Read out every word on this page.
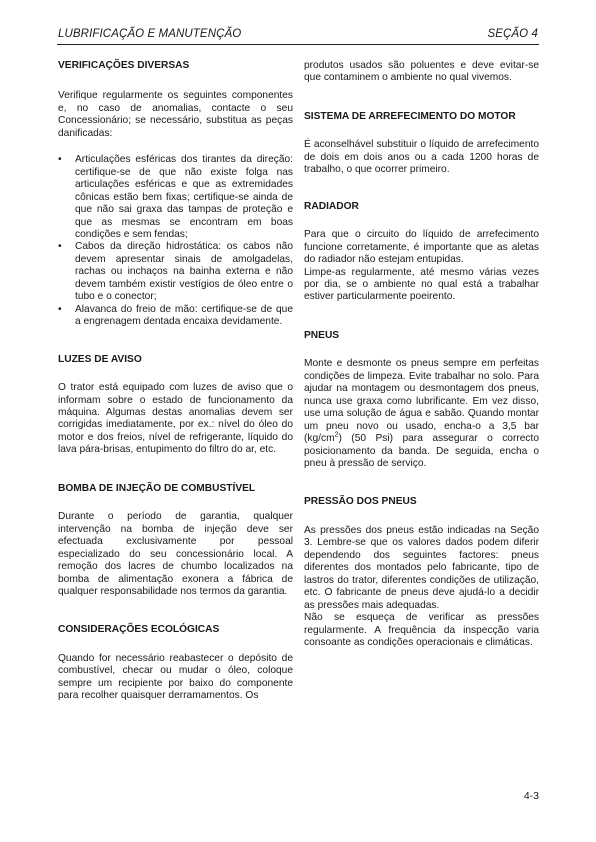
LUBRIFICAÇÃO E MANUTENÇÃO	SEÇÃO 4
VERIFICAÇÕES DIVERSAS

Verifique regularmente os seguintes componentes e, no caso de anomalias, contacte o seu Concessionário; se necessário, substitua as peças danificadas:

• Articulações esféricas dos tirantes da direção: certifique-se de que não existe folga nas articulações esféricas e que as extremidades cônicas estão bem fixas; certifique-se ainda de que não sai graxa das tampas de proteção e que as mesmas se encontram em boas condições e sem fendas;
• Cabos da direção hidrostática: os cabos não devem apresentar sinais de amolgadelas, rachas ou inchaços na bainha externa e não devem também existir vestígios de óleo entre o tubo e o conector;
• Alavanca do freio de mão: certifique-se de que a engrenagem dentada encaixa devidamente.
LUZES DE AVISO

O trator está equipado com luzes de aviso que o informam sobre o estado de funcionamento da máquina. Algumas destas anomalias devem ser corrigidas imediatamente, por ex.: nível do óleo do motor e dos freios, nível de refrigerante, líquido do lava pára-brisas, entupimento do filtro do ar, etc.

BOMBA DE INJEÇÃO DE COMBUSTÍVEL

Durante o período de garantia, qualquer intervenção na bomba de injeção deve ser efectuada exclusivamente por pessoal especializado do seu concessionário local. A remoção dos lacres de chumbo localizados na bomba de alimentação exonera a fábrica de qualquer responsabilidade nos termos da garantia.

CONSIDERAÇÕES ECOLÓGICAS

Quando for necessário reabastecer o depósito de combustível, checar ou mudar o óleo, coloque sempre um recipiente por baixo do componente para recolher quaisquer derramamentos. Os

produtos usados são poluentes e deve evitar-se que contaminem o ambiente no qual vivemos.

SISTEMA DE ARREFECIMENTO DO MOTOR

É aconselhável substituir o líquido de arrefecimento de dois em dois anos ou a cada 1200 horas de trabalho, o que ocorrer primeiro.

RADIADOR

Para que o circuito do líquido de arrefecimento funcione corretamente, é importante que as aletas do radiador não estejam entupidas.

Limpe-as regularmente, até mesmo várias vezes por dia, se o ambiente no qual está a trabalhar estiver particularmente poeirento.

PNEUS

Monte e desmonte os pneus sempre em perfeitas condições de limpeza. Evite trabalhar no solo. Para ajudar na montagem ou desmontagem dos pneus, nunca use graxa como lubrificante. Em vez disso, use uma solução de água e sabão. Quando montar um pneu novo ou usado, encha-o a 3,5 bar $(kg/cm^2)$ (50 Psi) para assegurar o correcto posicionamento da banda. De seguida, encha o pneu à pressão de serviço.

PRESSÃO DOS PNEUS

As pressões dos pneus estão indicadas na Seção 3. Lembre-se que os valores dados podem diferir dependendo dos seguintes factores: pneus diferentes dos montados pelo fabricante, tipo de lastros do trator, diferentes condições de utilização, etc. O fabricante de pneus deve ajudá-lo a decidir as pressões mais adequadas.

Não se esqueça de verificar as pressões regularmente. A frequência da inspecção varia consoante as condições operacionais e climáticas.

4-3
